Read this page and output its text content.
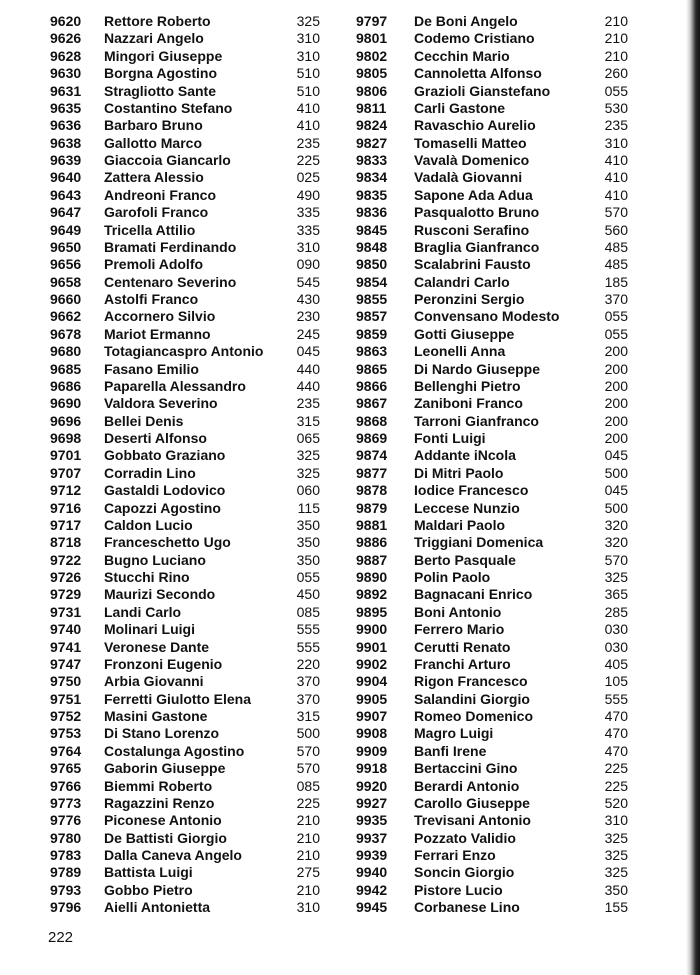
9620 Rettore Roberto	325
9626 Nazzari Angelo	310
9628 Mingori Giuseppe	310
9630 Borgna Agostino	510
9631 Stragliotto Sante	510
9635 Costantino Stefano	410
9636 Barbaro Bruno	410
9638 Gallotto Marco	235
9639 Giaccoia Giancarlo	225
9640 Zattera Alessio	025
9643 Andreoni Franco	490
9647 Garofoli Franco	335
9649 Tricella Attilio	335
9650 Bramati Ferdinando	310
9656 Premoli Adolfo	090
9658 Centenaro Severino	545
9660 Astolfi Franco	430
9662 Accornero Silvio	230
9678 Mariot Ermanno	245
9680 Totagiancaspro Antonio 045
9685 Fasano Emilio	440
9686 Paparella Alessandro	440
9690 Valdora Severino	235
9696 Bellei Denis	315
9698 Deserti Alfonso	065
9701 Gobbato Graziano	325
9707 Corradin Lino	325
9712 Gastaldi Lodovico	060
9716 Capozzi Agostino	115
9717 Caldon Lucio	350
8718 Franceschetto Ugo	350
9722 Bugno Luciano	350
9726 Stucchi Rino	055
9729 Maurizi Secondo	450
9731 Landi Carlo	085
9740 Molinari Luigi	555
9741 Veronese Dante	555
9747 Fronzoni Eugenio	220
9750 Arbia Giovanni	370
9751 Ferretti Giulotto Elena	370
9752 Masini Gastone	315
9753 Di Stano Lorenzo	500
9764 Costalunga Agostino	570
9765 Gaborin Giuseppe	570
9766 Biemmi Roberto	085
9773 Ragazzini Renzo	225
9776 Piconese Antonio	210
9780 De Battisti Giorgio	210
9783 Dalla Caneva Angelo	210
9789 Battista Luigi	275
9793 Gobbo Pietro	210
9796 Aielli Antonietta	310
9797 De Boni Angelo	210
9801 Codemo Cristiano	210
9802 Cecchin Mario	210
9805 Cannoletta Alfonso	260
9806 Grazioli Gianstefano	055
9811 Carli Gastone	530
9824 Ravaschio Aurelio	235
9827 Tomaselli Matteo	310
9833 Vavalà Domenico	410
9834 Vadalà Giovanni	410
9835 Sapone Ada Adua	410
9836 Pasqualotto Bruno	570
9845 Rusconi Serafino	560
9848 Braglia Gianfranco	485
9850 Scalabrini Fausto	485
9854 Calandri Carlo	185
9855 Peronzini Sergio	370
9857 Convensano Modesto	055
9859 Gotti Giuseppe	055
9863 Leonelli Anna	200
9865 Di Nardo Giuseppe	200
9866 Bellenghi Pietro	200
9867 Zaniboni Franco	200
9868 Tarroni Gianfranco	200
9869 Fonti Luigi	200
9874 Addante iNcola	045
9877 Di Mitri Paolo	500
9878 Iodice Francesco	045
9879 Leccese Nunzio	500
9881 Maldari Paolo	320
9886 Triggiani Domenica	320
9887 Berto Pasquale	570
9890 Polin Paolo	325
9892 Bagnacani Enrico	365
9895 Boni Antonio	285
9900 Ferrero Mario	030
9901 Cerutti Renato	030
9902 Franchi Arturo	405
9904 Rigon Francesco	105
9905 Salandini Giorgio	555
9907 Romeo Domenico	470
9908 Magro Luigi	470
9909 Banfi Irene	470
9918 Bertaccini Gino	225
9920 Berardi Antonio	225
9927 Carollo Giuseppe	520
9935 Trevisani Antonio	310
9937 Pozzato Validio	325
9939 Ferrari Enzo	325
9940 Soncin Giorgio	325
9942 Pistore Lucio	350
9945 Corbanese Lino	155
222
